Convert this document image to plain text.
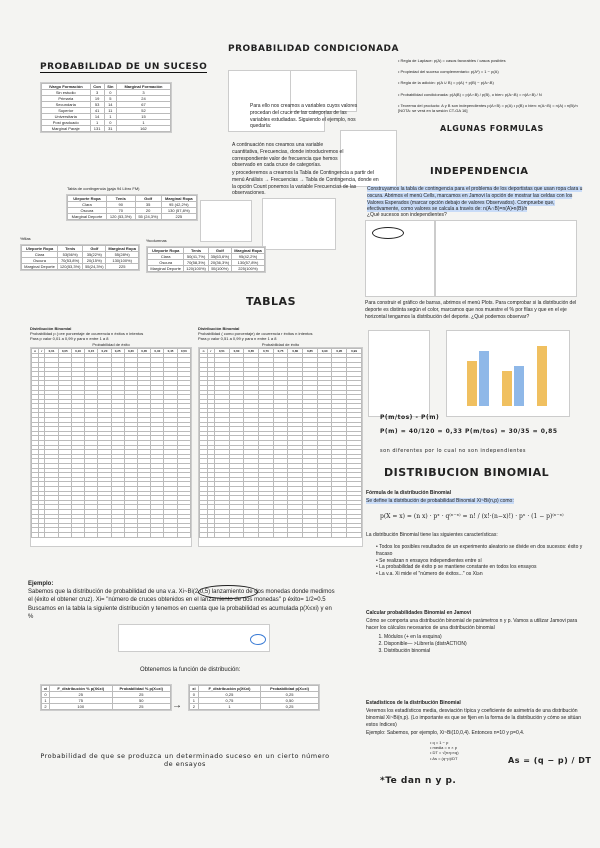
PROBABILIDAD DE UN SUCESO
\Vargo Formación	Con	Sin	Marginal Formación
Sin estudio	3	0	3
Primaria	19	5	24
Secundaria	53	14	67
Superior	41	11	52
Universitaria	14	1	15
Post graduado	1	0	1
Marginal Paraje	131	31	162
PROBABILIDAD CONDICIONADA
Para ello nos creamos a variables cuyos valores procedan del cruce de las categorías de las variables estudiadas. Siguiendo el ejemplo, nos quedaría:
A continuación nos creamos una variable cuantitativa, Frecuencias, donde introduciremos el correspondiente valor de frecuencia que hemos observado en cada cruce de categorías.
y procederemos a crearnos la Tabla de Contingencia a partir del menú Análisis → Frecuencias → Tabla de Contingencia, donde en la opción Count ponemos la variable Frecuencias de las observaciones.
• Regla de Laplace: p(A) = casos favorables / casos posibles
• Propiedad del suceso complementario: p(Aᶜ) = 1 − p(A)
• Regla de la adición: p(A ∪ B) = p(A) + p(B) − p(A∩B)
• Probabilidad condicionada: p(A|B) = p(A∩B) / p(B), o bien: p(A∩B) = n(A∩B) / N
• Teorema del producto: A y B son independientes p(A∩B) = p(A) • p(B) o bien: n(A∩B) = n(A) • n(B)/n [NOTA: se verá en la sesión CT-GA 16]
ALGUNAS FORMULAS
Tabla de contingencia (gaja 94 Libro FM)
Uleporte Ropa	Tenis	Golf	Marginal Ropa
Clara	90	35	95 (42,2%)
Oscura	70	20	130 (57,8%)
Marginal Deporte	120 (53,3%)	55 (24,3%)	225
%filas
Uleporte Ropa	Tenis	Golf	Marginal Ropa
Clara	53(56%)	35(22%)	55(28%)
Oscura	70(53,8%)	20(15%)	130(100%)
Marginal Deporte	120(53,3%)	55(24,3%)	225
%columnas
Uleporte Ropa	Tenis	Golf	Marginal Ropa
Clara	50(41,7%)	35(63,6%)	95(42,2%)
Oscura	70(58,3%)	20(36,3%)	130(57,8%)
Marginal Deporte	120(100%)	55(100%)	225(100%)
INDEPENDENCIA
Construyamos la tabla de contingencia para el problema de los deportistas que usan ropa clara u oscura. Abrimos el menú Cells, marcamos en Jamovi la opción de mostrar las celdas con los Valores Esperados (marcar opción debajo de valores Observados). Compruebe que, efectivamente, como valores se calcula a través de: n(A∩B)=n(A)•n(B)/n
¿Qué sucesos son independientes?
TABLAS
Distribución Binomial
Probabilidad p (=ee porcentaje de ocurrencia n éxitos n intentos
Para p valor 0,01 a 0,99 y para n entre 1 a 8
Probabilidad de éxito
n	r	0,01	0,05	0,10	0,15	0,20	0,25	0,30	0,35	0,40	0,45	0,50

Distribución Binomial
Probabilidad ( como porcentaje) de ocurrencia r éxitos n intentos
Para p valor 0,51 a 0,99 y para n entre 1 a 8
Probabilidad de éxito
n	r	0,51	0,60	0,65	0,70	0,75	0,80	0,85	0,90	0,95	0,99

Para construir el gráfico de barras, abrimos el menú Plots. Para comprobar si la distribución del deporte es distinta según el color, marcamos que nos muestre el % por filas y que en el eje horizontal tengamos la distribución del deporte. ¿Qué podemos observar?
P(m/tos) - P(m)
P(m) = 40/120 = 0,33 P(m/tos) = 30/35 = 0,85
son diferentes por lo cual no son independientes
DISTRIBUCION BINOMIAL
Fórmula de la distribución Binomial
Se define la distribución de probabilidad Binomial Xi~Bi(n,p) como:
p(X = x) = (n x) · pˣ · q⁽ⁿ⁻ˣ⁾ = n! / (x!·(n−x)!) · pˣ · (1 − p)⁽ⁿ⁻ˣ⁾
La distribución Binomial tiene las siguientes características:
• Todos los posibles resultados de un experimento aleatorio se divide en dos sucesos: éxito y fracaso
• Se realizan n ensayos independientes entre sí
• La probabilidad de éxito p se mantiene constante en todos los ensayos
• La v.a. Xi mide el "número de éxitos..." os Xi≥n
Ejemplo:
Sabemos que la distribución de probabilidad de una v.a. Xi~Bi(2,0,5) lanzamiento de dos monedas donde medimos el (éxito el obtener cruz). Xi= "número de cruces obtenidos en el lanzamiento de dos monedas" p éxito= 1/2=0.5 Buscamos en la tabla la siguiente distribución y tenemos en cuenta que la probabilidad es acumulada p(X≤xi) y en %
Obtenemos la función de distribución:
xi	F_distribución % p(X≤xi)	Probabilidad % p(X=xi)
0	25	25
1	75	50
2	100	25	→
xi	F_distribución p(X≤xi)	Probabilidad p(X=xi)
0	0,25	0,25
1	0,75	0,50
2	1	0,25
Probabilidad de que se produzca un determinado suceso en un cierto número de ensayos
Calcular probabilidades Binomial en Jamovi
Cómo se comporta una distribución binomial de parámetros n y p. Vamos a utilizar Jamovi para hacer los cálculos necesarios de una distribución binomial
1. Módulos (+ en la esquina)
2. Disponible— >Librería (distrACTION)
3. Distribución binomial
Estadísticos de la distribución Binomial
Veremos los estadísticos media, desviación típica y coeficiente de asimetría de una distribución binomial Xi~Bi(n,p). (Lo importante es que se fijen en la forma de la distribución y cómo se sitúan estos índices)
Ejemplo: Sabemos, por ejemplo, Xi~Bi(10,0,4). Entonces n=10 y p=0,4.
• q = 1 − p
• media = n × p
• DT = √(n×p×q)
• As = (q−p)/DT	As = (q − p) / DT
*Te dan n y p.
